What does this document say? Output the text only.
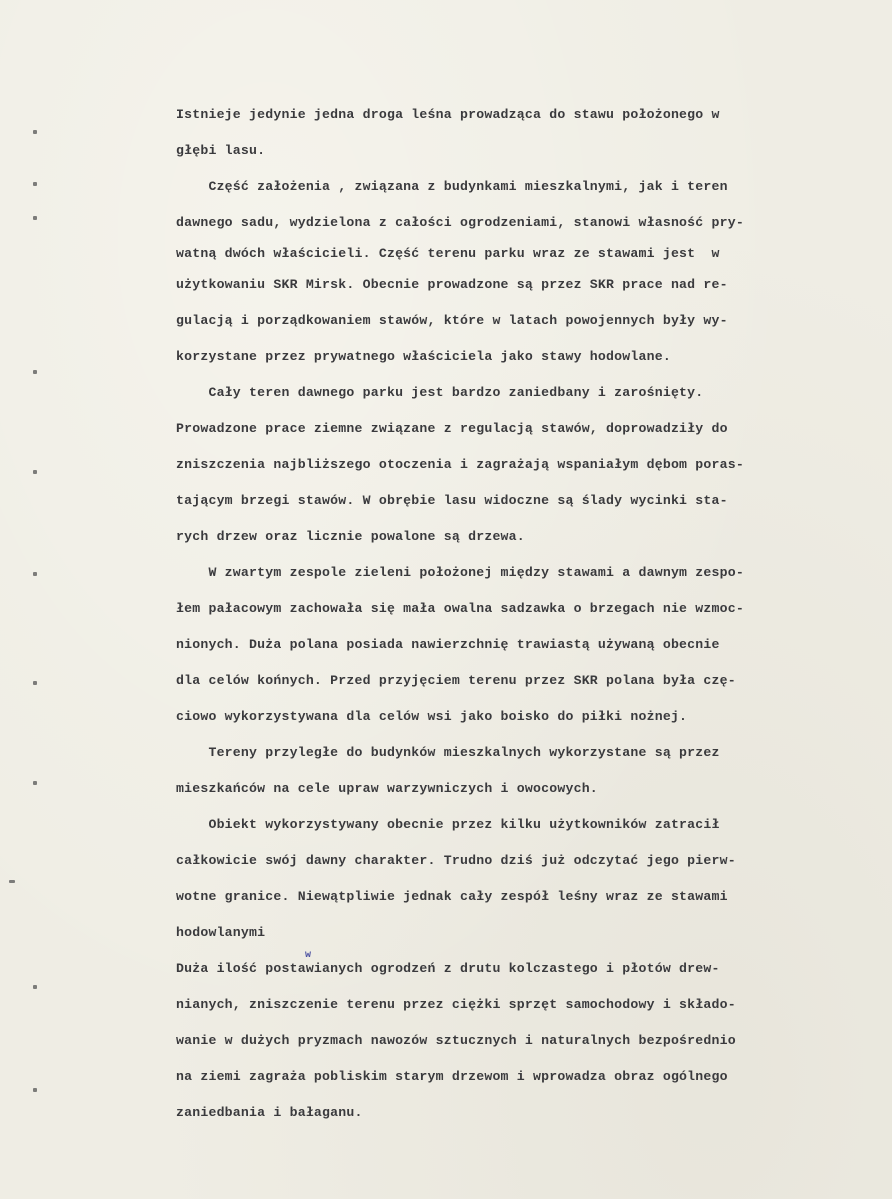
Istnieje jedynie jedna droga leśna prowadząca do stawu położonego w
głębi lasu.
Część założenia , związana z budynkami mieszkalnymi, jak i teren
dawnego sadu, wydzielona z całości ogrodzeniami, stanowi własność pry-
watną dwóch właścicieli. Część terenu parku wraz ze stawami jest  w
użytkowaniu SKR Mirsk. Obecnie prowadzone są przez SKR prace nad re-
gulacją i porządkowaniem stawów, które w latach powojennych były wy-
korzystane przez prywatnego właściciela jako stawy hodowlane.
Cały teren dawnego parku jest bardzo zaniedbany i zarośnięty.
Prowadzone prace ziemne związane z regulacją stawów, doprowadziły do
zniszczenia najbliższego otoczenia i zagrażają wspaniałym dębom poras-
tającym brzegi stawów. W obrębie lasu widoczne są ślady wycinki sta-
rych drzew oraz licznie powalone są drzewa.
W zwartym zespole zieleni położonej między stawami a dawnym zespo-
łem pałacowym zachowała się mała owalna sadzawka o brzegach nie wzmoc-
nionych. Duża polana posiada nawierzchnię trawiastą używaną obecnie
dla celów końnych. Przed przyjęciem terenu przez SKR polana była czę-
ciowo wykorzystywana dla celów wsi jako boisko do piłki nożnej.
Tereny przyległe do budynków mieszkalnych wykorzystane są przez
mieszkańców na cele upraw warzywniczych i owocowych.
Obiekt wykorzystywany obecnie przez kilku użytkowników zatracił
całkowicie swój dawny charakter. Trudno dziś już odczytać jego pierw-
wotne granice. Niewątpliwie jednak cały zespół leśny wraz ze stawami
hodowlanymi
Duża ilość postawianych ogrodzeń z drutu kolczastego i płotów drew-
nianych, zniszczenie terenu przez ciężki sprzęt samochodowy i składo-
wanie w dużych pryzmach nawozów sztucznych i naturalnych bezpośrednio
na ziemi zagraża pobliskim starym drzewom i wprowadza obraz ogólnego
zaniedbania i bałaganu.
w
